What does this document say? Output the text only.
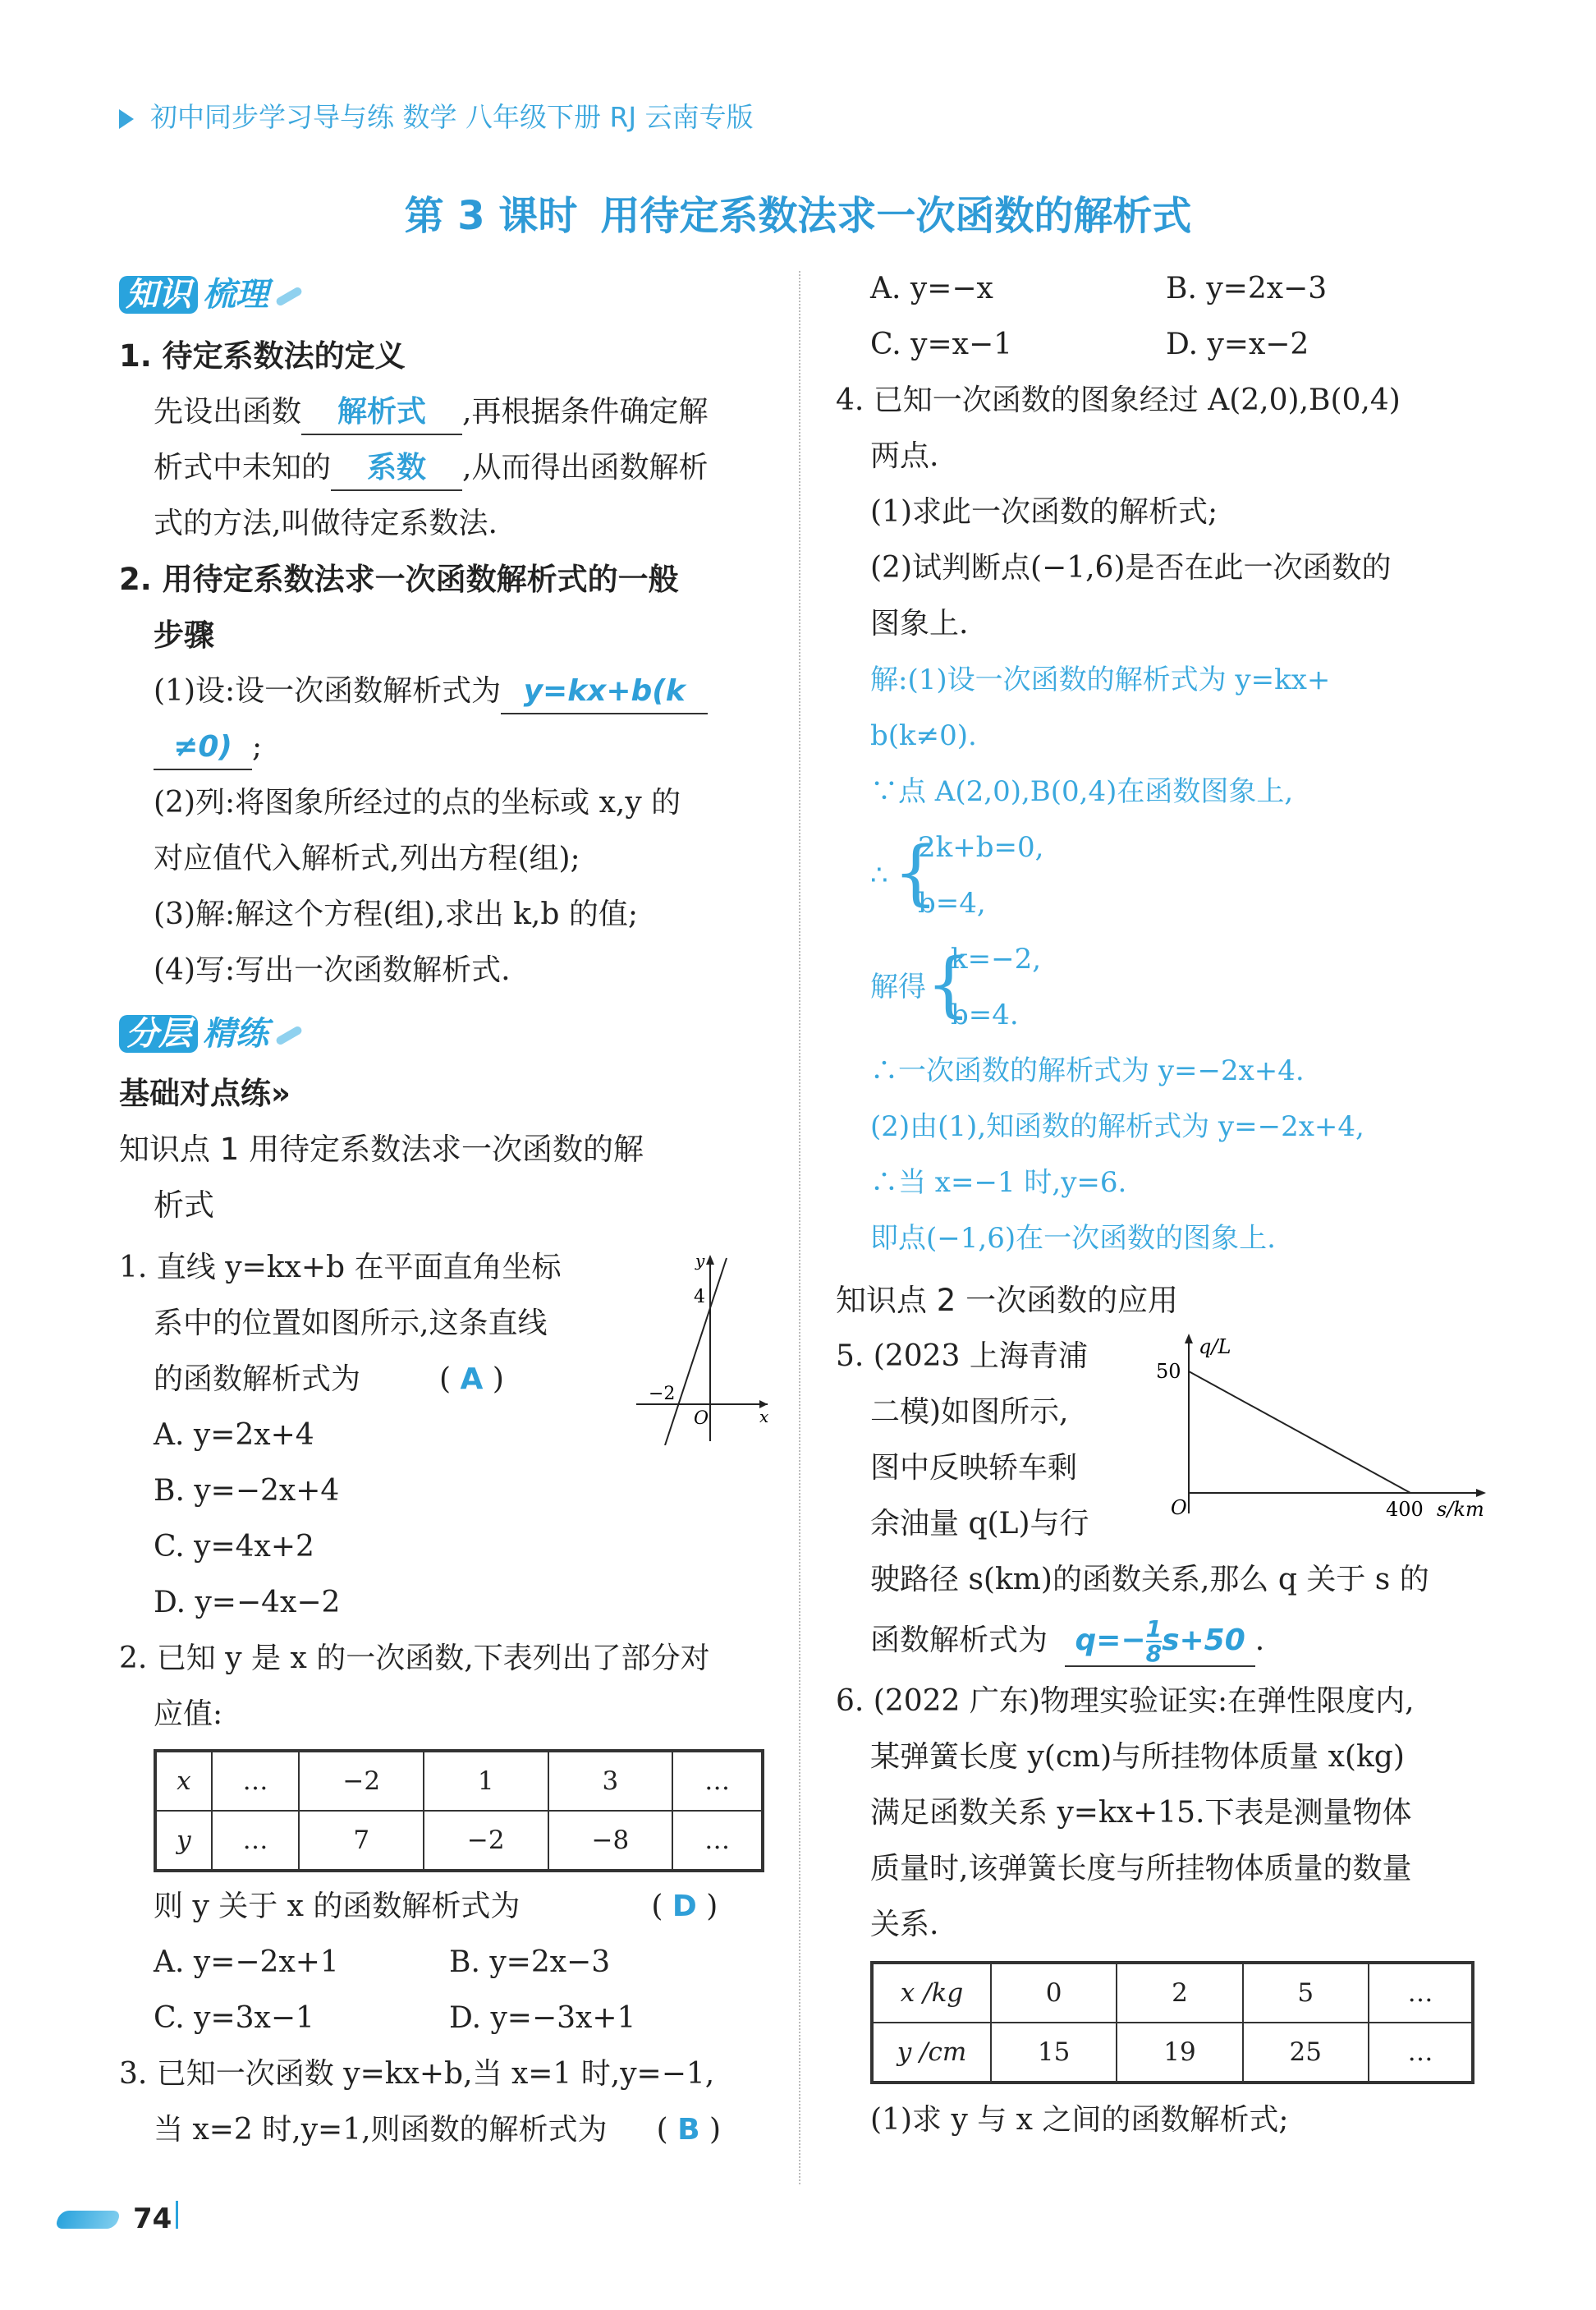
初中同步学习导与练 数学 八年级下册 RJ 云南专版
第 3 课时 用待定系数法求一次函数的解析式
知识 梳理
1. 待定系数法的定义
先设出函数 解析式 ,再根据条件确定解
析式中未知的 系数 ,从而得出函数解析
式的方法,叫做待定系数法.
2. 用待定系数法求一次函数解析式的一般
步骤
(1)设:设一次函数解析式为 y=kx+b(k
≠0) ;
(2)列:将图象所经过的点的坐标或 x,y 的
对应值代入解析式,列出方程(组);
(3)解:解这个方程(组),求出 k,b 的值;
(4)写:写出一次函数解析式.
分层 精练
基础对点练»
知识点 1 用待定系数法求一次函数的解
析式
1. 直线 y=kx+b 在平面直角坐标
系中的位置如图所示,这条直线
的函数解析式为	( A )
A. y=2x+4
B. y=−2x+4
C. y=4x+2
D. y=−4x−2
y
x
O
4
−2
2. 已知 y 是 x 的一次函数,下表列出了部分对
应值:
x	…	−2	1	3	…
y	…	7	−2	−8	…
则 y 关于 x 的函数解析式为	( D )
A. y=−2x+1	B. y=2x−3
C. y=3x−1	D. y=−3x+1
3. 已知一次函数 y=kx+b,当 x=1 时,y=−1,
当 x=2 时,y=1,则函数的解析式为 ( B )
A. y=−x	B. y=2x−3
C. y=x−1	D. y=x−2
4. 已知一次函数的图象经过 A(2,0),B(0,4)
两点.
(1)求此一次函数的解析式;
(2)试判断点(−1,6)是否在此一次函数的
图象上.
解:(1)设一次函数的解析式为 y=kx+
b(k≠0).
∵点 A(2,0),B(0,4)在函数图象上,
∴ {
2k+b=0,
b=4,
解得 {
k=−2,
b=4.
∴一次函数的解析式为 y=−2x+4.
(2)由(1),知函数的解析式为 y=−2x+4,
∴当 x=−1 时,y=6.
即点(−1,6)在一次函数的图象上.
知识点 2 一次函数的应用
5. (2023 上海青浦
二模)如图所示,
图中反映轿车剩
余油量 q(L)与行
驶路径 s(km)的函数关系,那么 q 关于 s 的
函数解析式为 $q=- \frac{1}{8} s+50$ .
q/L
50
O	400 s/km
6. (2022 广东)物理实验证实:在弹性限度内,
某弹簧长度 y(cm)与所挂物体质量 x(kg)
满足函数关系 y=kx+15.下表是测量物体
质量时,该弹簧长度与所挂物体质量的数量
关系.
x /kg	0	2	5	…
y /cm	15	19	25	…
(1)求 y 与 x 之间的函数解析式;
74
